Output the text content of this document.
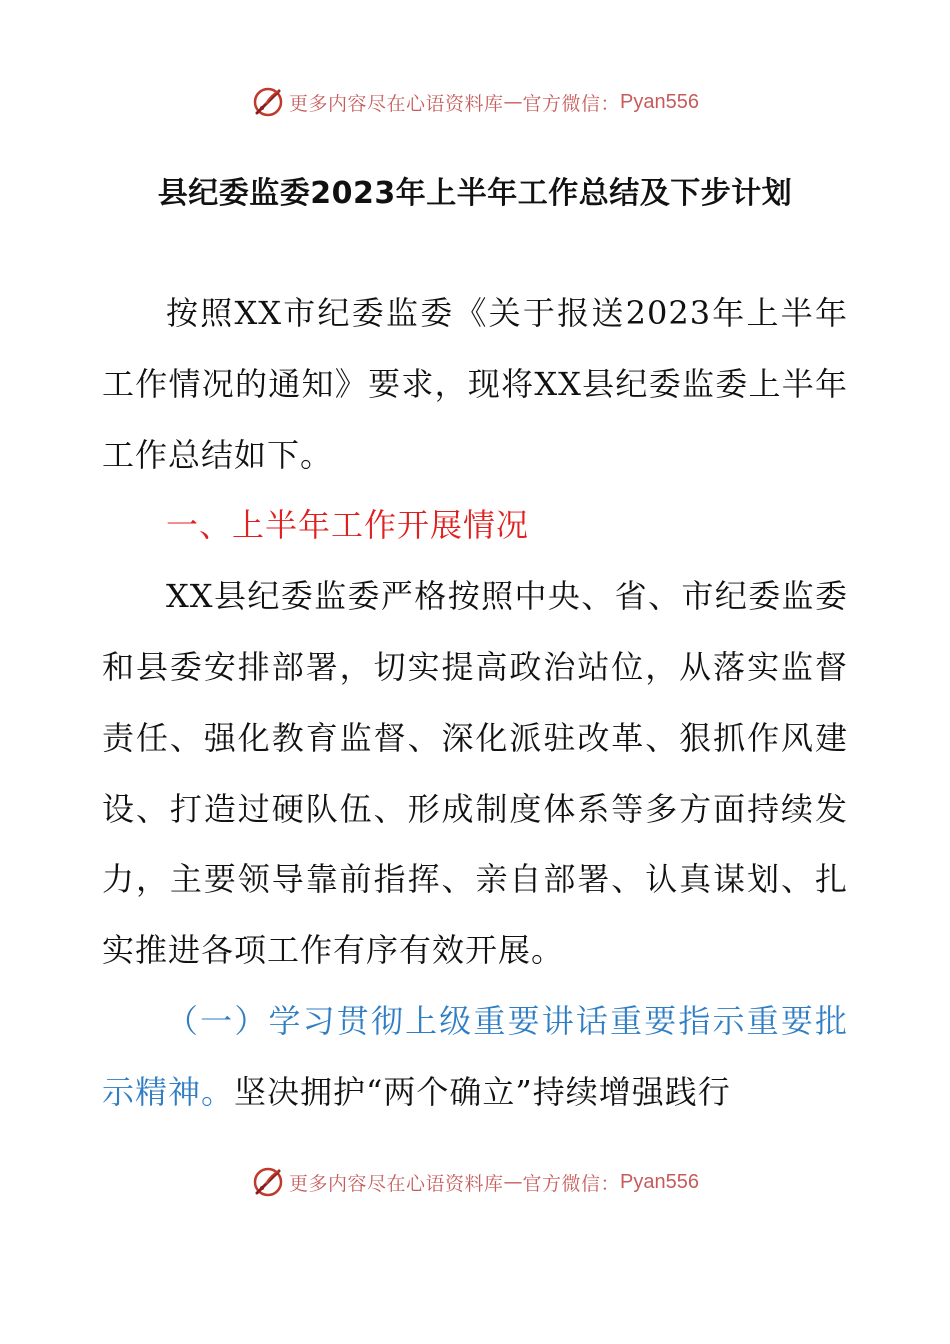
更多内容尽在心语资料库 — 官方微信： Pyan556
县纪委监委2023年上半年工作总结及下步计划

按照XX市纪委监委《关于报送2023年上半年工作情况的通知》要求，现将XX县纪委监委上半年工作总结如下。

一、上半年工作开展情况

XX县纪委监委严格按照中央、省、市纪委监委和县委安排部署，切实提高政治站位，从落实监督责任、强化教育监督、深化派驻改革、狠抓作风建设、打造过硬队伍、形成制度体系等多方面持续发力，主要领导靠前指挥、亲自部署、认真谋划、扎实推进各项工作有序有效开展。

（一）学习贯彻上级重要讲话重要指示重要批示精神。坚决拥护“两个确立”持续增强践行

更多内容尽在心语资料库 — 官方微信： Pyan556
